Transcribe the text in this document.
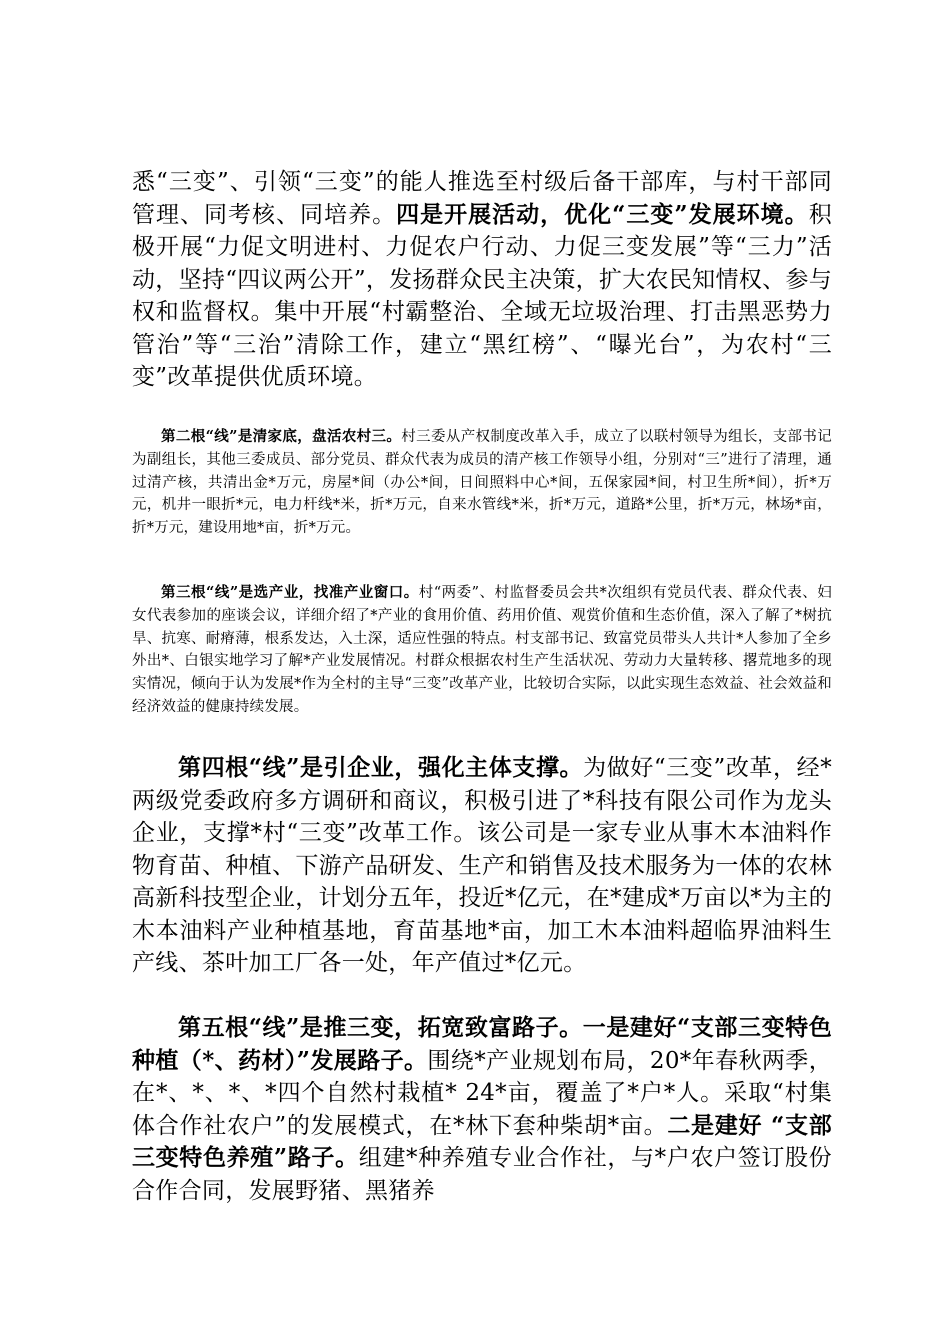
悉“三变”、引领“三变”的能人推选至村级后备干部库，与村干部同管理、同考核、同培养。四是开展活动，优化“三变”发展环境。积极开展“力促文明进村、力促农户行动、力促三变发展”等“三力”活动，坚持“四议两公开”，发扬群众民主决策，扩大农民知情权、参与权和监督权。集中开展“村霸整治、全域无垃圾治理、打击黑恶势力管治”等“三治”清除工作，建立“黑红榜”、“曝光台”，为农村“三变”改革提供优质环境。

第二根“线”是清家底，盘活农村三。村三委从产权制度改革入手，成立了以联村领导为组长，支部书记为副组长，其他三委成员、部分党员、群众代表为成员的清产核工作领导小组，分别对“三”进行了清理，通过清产核，共清出金*万元，房屋*间（办公*间，日间照料中心*间，五保家园*间，村卫生所*间），折*万元，机井一眼折*元，电力杆线*米，折*万元，自来水管线*米，折*万元，道路*公里，折*万元，林场*亩，折*万元，建设用地*亩，折*万元。

第三根“线”是选产业，找准产业窗口。村“两委”、村监督委员会共*次组织有党员代表、群众代表、妇女代表参加的座谈会议，详细介绍了*产业的食用价值、药用价值、观赏价值和生态价值，深入了解了*树抗旱、抗寒、耐瘠薄，根系发达，入土深，适应性强的特点。村支部书记、致富党员带头人共计*人参加了全乡外出*、白银实地学习了解*产业发展情况。村群众根据农村生产生活状况、劳动力大量转移、撂荒地多的现实情况，倾向于认为发展*作为全村的主导“三变”改革产业，比较切合实际，以此实现生态效益、社会效益和经济效益的健康持续发展。

第四根“线”是引企业，强化主体支撑。为做好“三变”改革，经*两级党委政府多方调研和商议，积极引进了*科技有限公司作为龙头企业，支撑*村“三变”改革工作。该公司是一家专业从事木本油料作物育苗、种植、下游产品研发、生产和销售及技术服务为一体的农林高新科技型企业，计划分五年，投近*亿元，在*建成*万亩以*为主的木本油料产业种植基地，育苗基地*亩，加工木本油料超临界油料生产线、茶叶加工厂各一处，年产值过*亿元。

第五根“线”是推三变，拓宽致富路子。一是建好“支部三变特色种植（*、药材）”发展路子。围绕*产业规划布局，20*年春秋两季，在*、*、*、*四个自然村栽植* 24*亩，覆盖了*户*人。采取“村集体合作社农户”的发展模式，在*林下套种柴胡*亩。二是建好 “支部三变特色养殖”路子。组建*种养殖专业合作社，与*户农户签订股份合作合同，发展野猪、黑猪养
